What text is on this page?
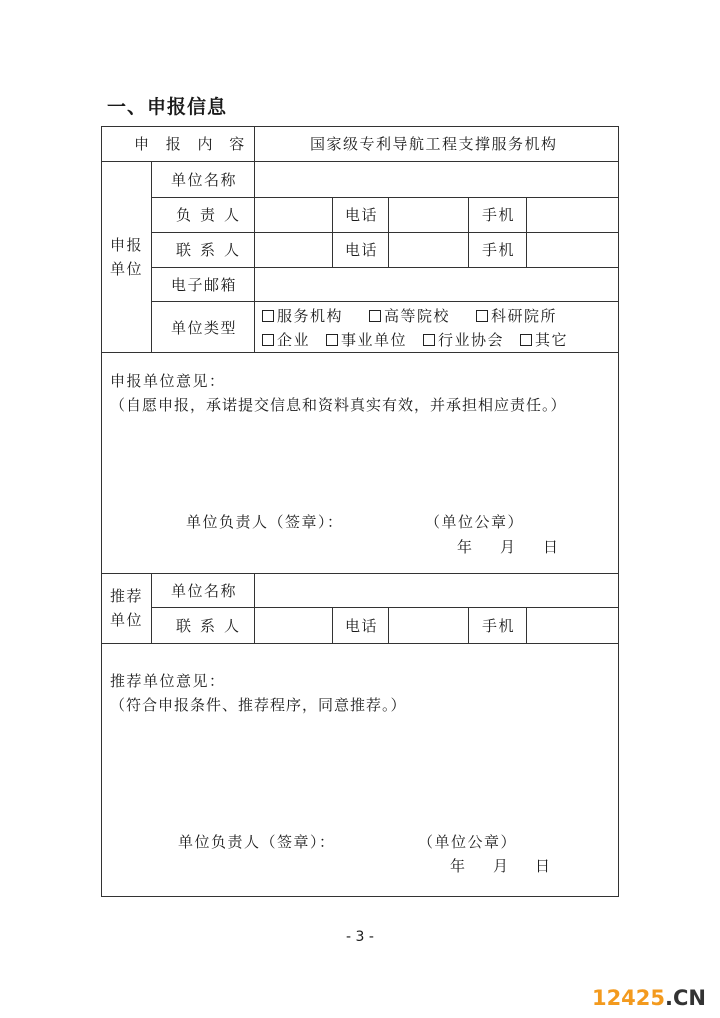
一、申报信息
申 报 内 容	国家级专利导航工程支撑服务机构
申报
单位
单位名称
负责人	电话	手机
联系人	电话	手机
电子邮箱
单位类型
服务机构	高等院校	科研院所
企业 事业单位 行业协会 其它
申报单位意见：
（自愿申报，承诺提交信息和资料真实有效，并承担相应责任。）
单位负责人（签章）：	（单位公章）
年 月 日
推荐
单位
单位名称
联系人	电话	手机
推荐单位意见：
（符合申报条件、推荐程序，同意推荐。）
单位负责人（签章）：	（单位公章）
年 月 日
- 3 -
12425.CN
